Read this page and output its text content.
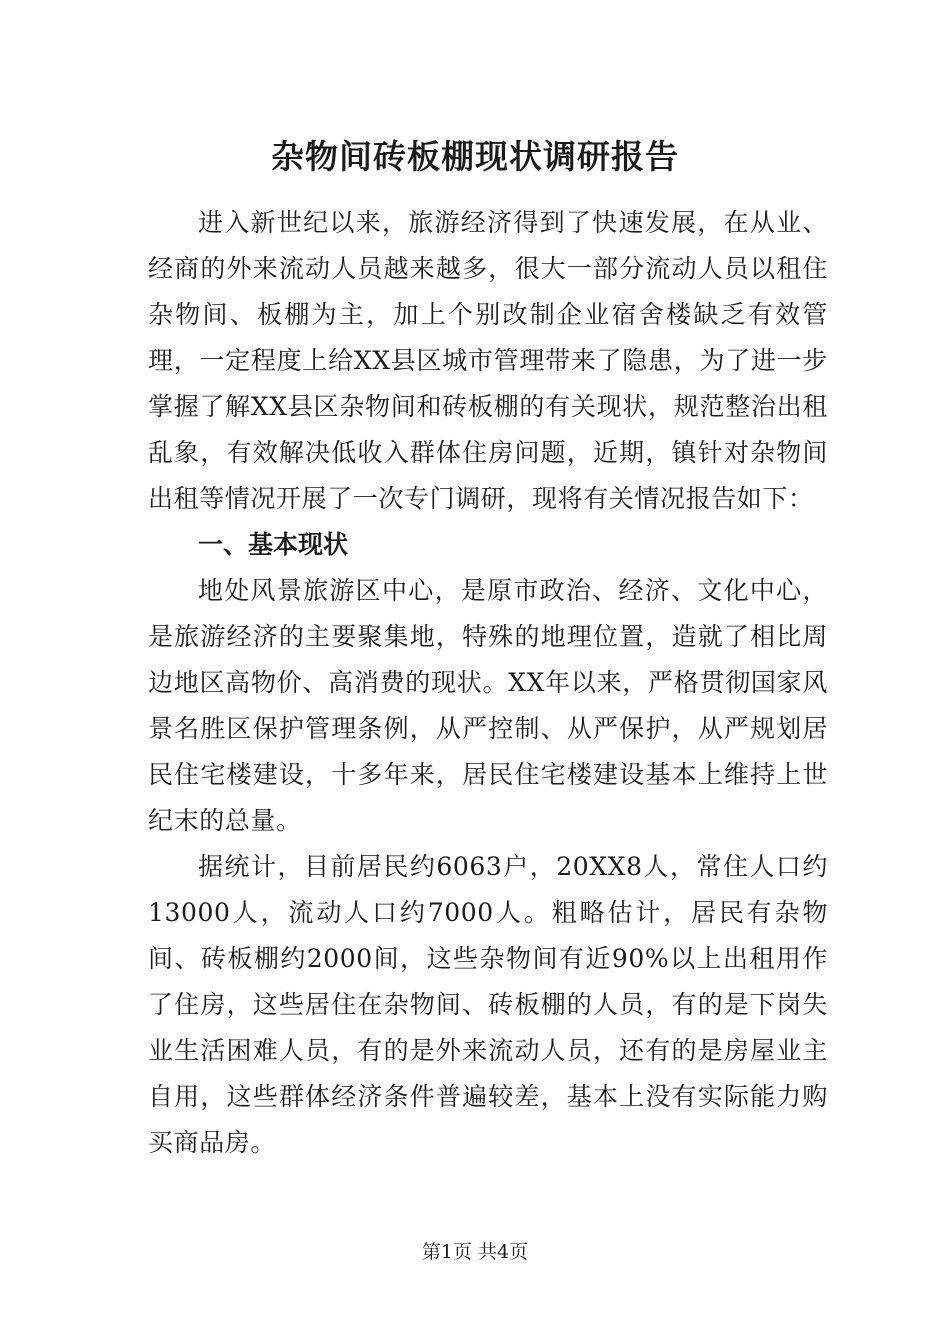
杂物间砖板棚现状调研报告

进入新世纪以来，旅游经济得到了快速发展，在从业、经商的外来流动人员越来越多，很大一部分流动人员以租住杂物间、板棚为主，加上个别改制企业宿舍楼缺乏有效管理，一定程度上给XX县区城市管理带来了隐患，为了进一步掌握了解XX县区杂物间和砖板棚的有关现状，规范整治出租乱象，有效解决低收入群体住房问题，近期，镇针对杂物间出租等情况开展了一次专门调研，现将有关情况报告如下：

一、基本现状

地处风景旅游区中心，是原市政治、经济、文化中心，是旅游经济的主要聚集地，特殊的地理位置，造就了相比周边地区高物价、高消费的现状。XX年以来，严格贯彻国家风景名胜区保护管理条例，从严控制、从严保护，从严规划居民住宅楼建设，十多年来，居民住宅楼建设基本上维持上世纪末的总量。

据统计，目前居民约6063户，20XX8人，常住人口约13000人，流动人口约7000人。粗略估计，居民有杂物间、砖板棚约2000间，这些杂物间有近90%以上出租用作了住房，这些居住在杂物间、砖板棚的人员，有的是下岗失业生活困难人员，有的是外来流动人员，还有的是房屋业主自用，这些群体经济条件普遍较差，基本上没有实际能力购买商品房。

第1页 共4页
